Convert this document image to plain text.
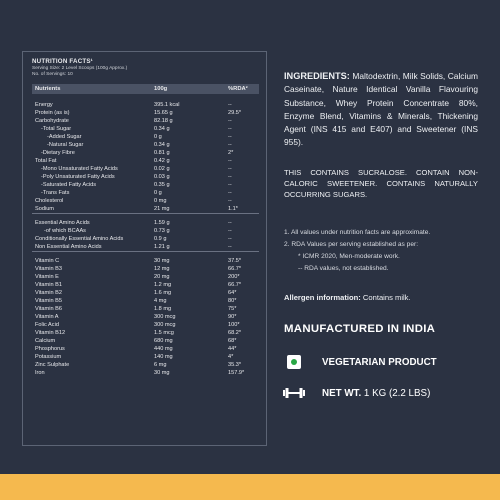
NUTRITION FACTS¹
Serving Size: 2 Level Scoops (100g Approx.)
No. of Servings: 10
Nutrients	100g	%RDA²
Energy	395.1 kcal	--
Protein (as is)	15.65 g	29.5*
Carbohydrate	82.18 g	--
-Total Sugar	0.34 g	--
-Added Sugar	0 g	--
-Natural Sugar	0.34 g	--
-Dietary Fibre	0.81 g	2*
Total Fat	0.42 g	--
-Mono Unsaturated Fatty Acids	0.02 g	--
-Poly Unsaturated Fatty Acids	0.03 g	--
-Saturated Fatty Acids	0.35 g	--
-Trans Fats	0 g	--
Cholesterol	0 mg	--
Sodium	21 mg	1.1*
Essential Amino Acids	1.59 g	--
-of which BCAAs	0.73 g	--
Conditionally Essential Amino Acids	0.9 g	--
Non Essential Amino Acids	1.21 g	--
Vitamin C	30 mg	37.5*
Vitamin B3	12 mg	66.7*
Vitamin E	20 mg	200*
Vitamin B1	1.2 mg	66.7*
Vitamin B2	1.6 mg	64*
Vitamin B5	4 mg	80*
Vitamin B6	1.8 mg	75*
Vitamin A	300 mcg	90*
Folic Acid	300 mcg	100*
Vitamin B12	1.5 mcg	68.2*
Calcium	680 mg	68*
Phosphorus	440 mg	44*
Potassium	140 mg	4*
Zinc Sulphate	6 mg	35.3*
Iron	30 mg	157.9*
INGREDIENTS: Maltodextrin, Milk Solids, Calcium Caseinate, Nature Identical Vanilla Flavouring Substance, Whey Protein Concentrate 80%, Enzyme Blend, Vitamins & Minerals, Thickening Agent (INS 415 and E407) and Sweetener (INS 955).
THIS CONTAINS SUCRALOSE. CONTAIN NON-CALORIC SWEETENER. CONTAINS NATURALLY OCCURRING SUGARS.
1. All values under nutrition facts are approximate.
2. RDA Values per serving established as per:
* ICMR 2020, Men-moderate work.
-- RDA values, not established.
Allergen information: Contains milk.
MANUFACTURED IN INDIA
VEGETARIAN PRODUCT
NET WT. 1 KG (2.2 LBS)
